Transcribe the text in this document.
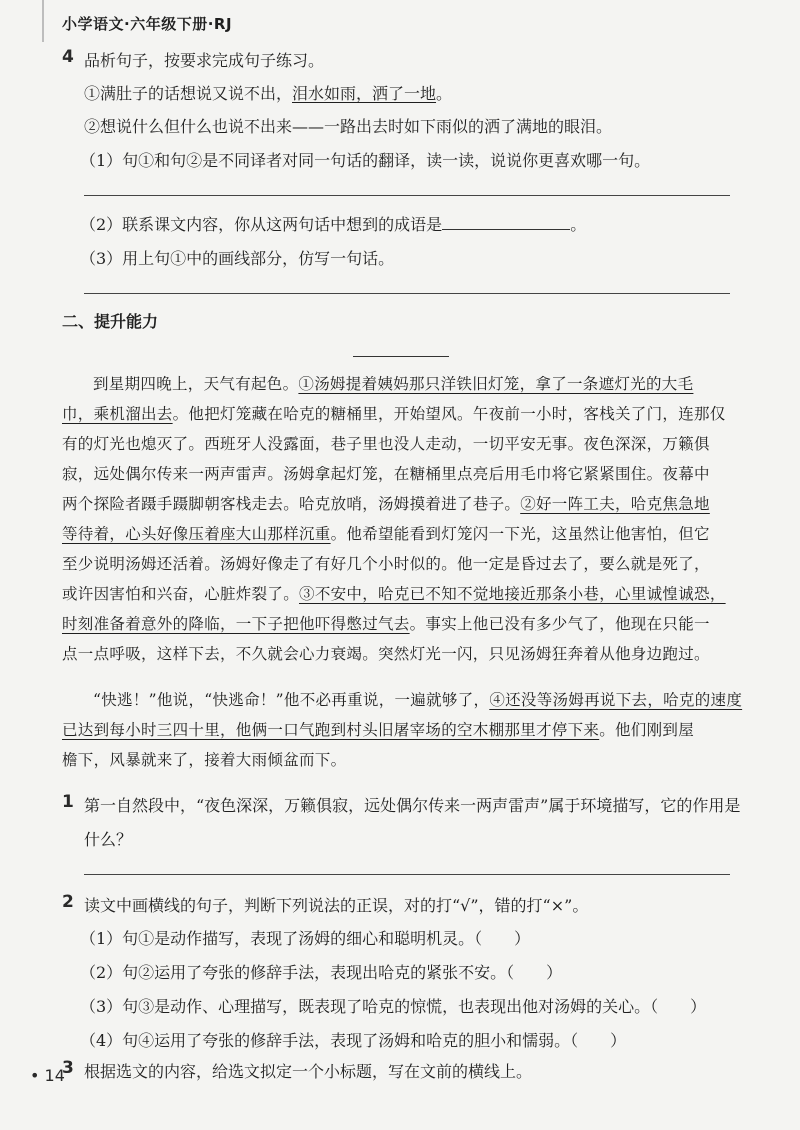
小学语文·六年级下册·RJ
4 品析句子，按要求完成句子练习。
①满肚子的话想说又说不出，泪水如雨，洒了一地。
②想说什么但什么也说不出来——一路出去时如下雨似的洒了满地的眼泪。
（1）句①和句②是不同译者对同一句话的翻译，读一读，说说你更喜欢哪一句。
（2）联系课文内容，你从这两句话中想到的成语是	。
（3）用上句①中的画线部分，仿写一句话。
二、提升能力
到星期四晚上，天气有起色。①汤姆提着姨妈那只洋铁旧灯笼，拿了一条遮灯光的大毛
巾，乘机溜出去。他把灯笼藏在哈克的糖桶里，开始望风。午夜前一小时，客栈关了门，连那仅
有的灯光也熄灭了。西班牙人没露面，巷子里也没人走动，一切平安无事。夜色深深，万籁俱
寂，远处偶尔传来一两声雷声。汤姆拿起灯笼，在糖桶里点亮后用毛巾将它紧紧围住。夜幕中
两个探险者蹑手蹑脚朝客栈走去。哈克放哨，汤姆摸着进了巷子。②好一阵工夫，哈克焦急地
等待着，心头好像压着座大山那样沉重。他希望能看到灯笼闪一下光，这虽然让他害怕，但它
至少说明汤姆还活着。汤姆好像走了有好几个小时似的。他一定是昏过去了，要么就是死了，
或许因害怕和兴奋，心脏炸裂了。③不安中，哈克已不知不觉地接近那条小巷，心里诚惶诚恐，
时刻准备着意外的降临，一下子把他吓得憋过气去。事实上他已没有多少气了，他现在只能一
点一点呼吸，这样下去，不久就会心力衰竭。突然灯光一闪，只见汤姆狂奔着从他身边跑过。
“快逃！”他说，“快逃命！”他不必再重说，一遍就够了，④还没等汤姆再说下去，哈克的速度
已达到每小时三四十里，他俩一口气跑到村头旧屠宰场的空木棚那里才停下来。他们刚到屋
檐下，风暴就来了，接着大雨倾盆而下。
1 第一自然段中，“夜色深深，万籁俱寂，远处偶尔传来一两声雷声”属于环境描写，它的作用是
什么？
2 读文中画横线的句子，判断下列说法的正误，对的打“√”，错的打“×”。
（1）句①是动作描写，表现了汤姆的细心和聪明机灵。（　　）
（2）句②运用了夸张的修辞手法，表现出哈克的紧张不安。（　　）
（3）句③是动作、心理描写，既表现了哈克的惊慌，也表现出他对汤姆的关心。（　　）
（4）句④运用了夸张的修辞手法，表现了汤姆和哈克的胆小和懦弱。（　　）
3 根据选文的内容，给选文拟定一个小标题，写在文前的横线上。
• 14
